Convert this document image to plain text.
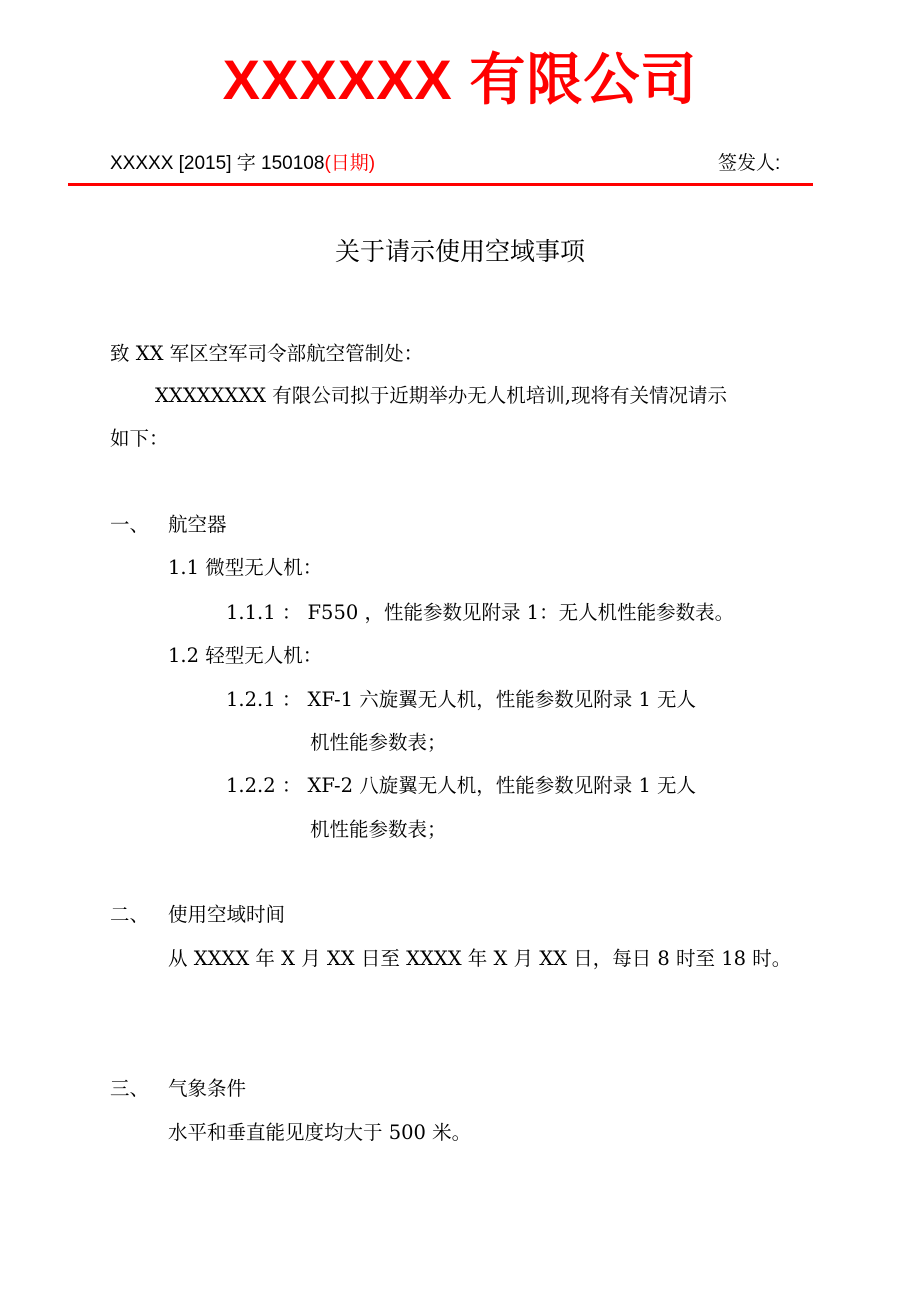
XXXXXX 有限公司
XXXXX [2015] 字 150108(日期)	签发人:
关于请示使用空域事项
致 XX 军区空军司令部航空管制处：
XXXXXXXX 有限公司拟于近期举办无人机培训,现将有关情况请示
如下：
一、 航空器
1.1 微型无人机：
1.1.1 ： F550 ，性能参数见附录 1：无人机性能参数表。
1.2 轻型无人机：
1.2.1 ： XF-1 六旋翼无人机，性能参数见附录 1 无人
机性能参数表；
1.2.2 ： XF-2 八旋翼无人机，性能参数见附录 1 无人
机性能参数表；
二、 使用空域时间
从 XXXX 年 X 月 XX 日至 XXXX 年 X 月 XX 日，每日 8 时至 18 时。
三、 气象条件
水平和垂直能见度均大于 500 米。
